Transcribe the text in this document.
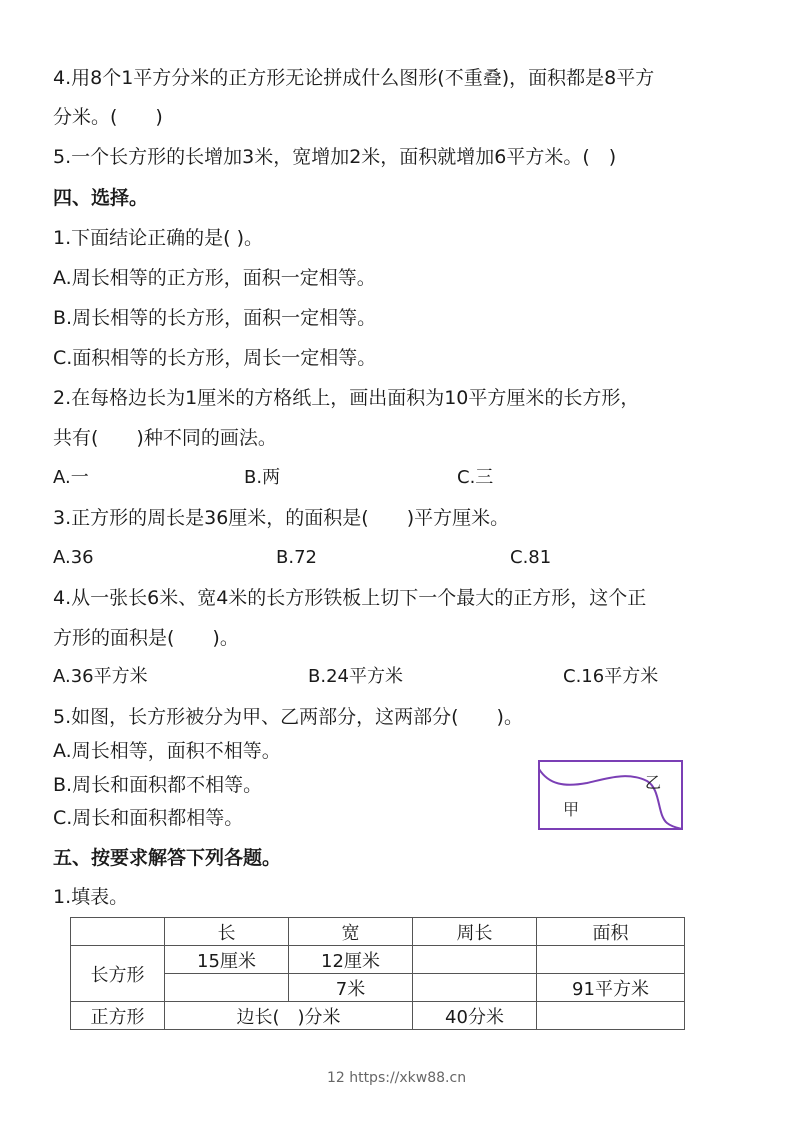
4.用8个1平方分米的正方形无论拼成什么图形(不重叠)，面积都是8平方
分米。(　　)
5.一个长方形的长增加3米，宽增加2米，面积就增加6平方米。(　)
四、选择。
1.下面结论正确的是( )。
A.周长相等的正方形，面积一定相等。
B.周长相等的长方形，面积一定相等。
C.面积相等的长方形，周长一定相等。
2.在每格边长为1厘米的方格纸上，画出面积为10平方厘米的长方形，
共有(　　)种不同的画法。
A.一	B.两	C.三
3.正方形的周长是36厘米，的面积是(　　)平方厘米。
A.36	B.72	C.81
4.从一张长6米、宽4米的长方形铁板上切下一个最大的正方形，这个正
方形的面积是(　　)。
A.36平方米	B.24平方米	C.16平方米
5.如图，长方形被分为甲、乙两部分，这两部分(　　)。
A.周长相等，面积不相等。
B.周长和面积都不相等。
C.周长和面积都相等。	甲
乙
五、按要求解答下列各题。
1.填表。
	长	宽	周长	面积
长方形	15厘米	12厘米		
		7米		91平方米
正方形	边长(　)分米		40分米	
12 https://xkw88.cn
